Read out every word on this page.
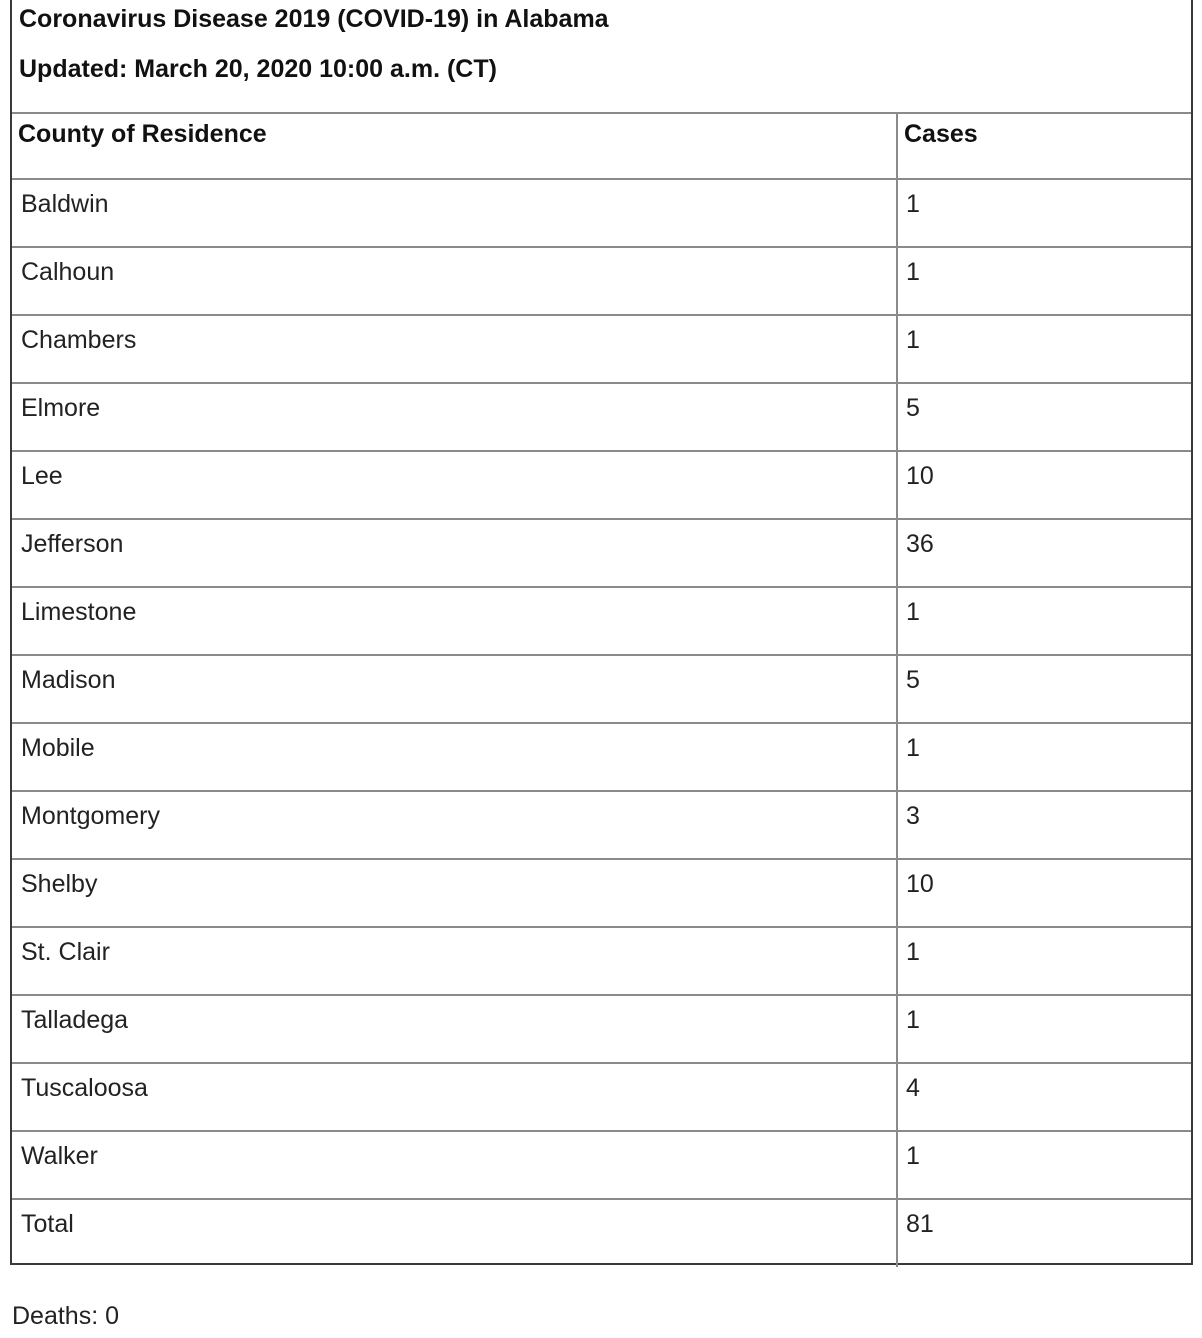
Coronavirus Disease 2019 (COVID-19) in Alabama
Updated: March 20, 2020 10:00 a.m. (CT)
County of Residence	Cases
Baldwin	1
Calhoun	1
Chambers	1
Elmore	5
Lee	10
Jefferson	36
Limestone	1
Madison	5
Mobile	1
Montgomery	3
Shelby	10
St. Clair	1
Talladega	1
Tuscaloosa	4
Walker	1
Total	81
Deaths: 0
